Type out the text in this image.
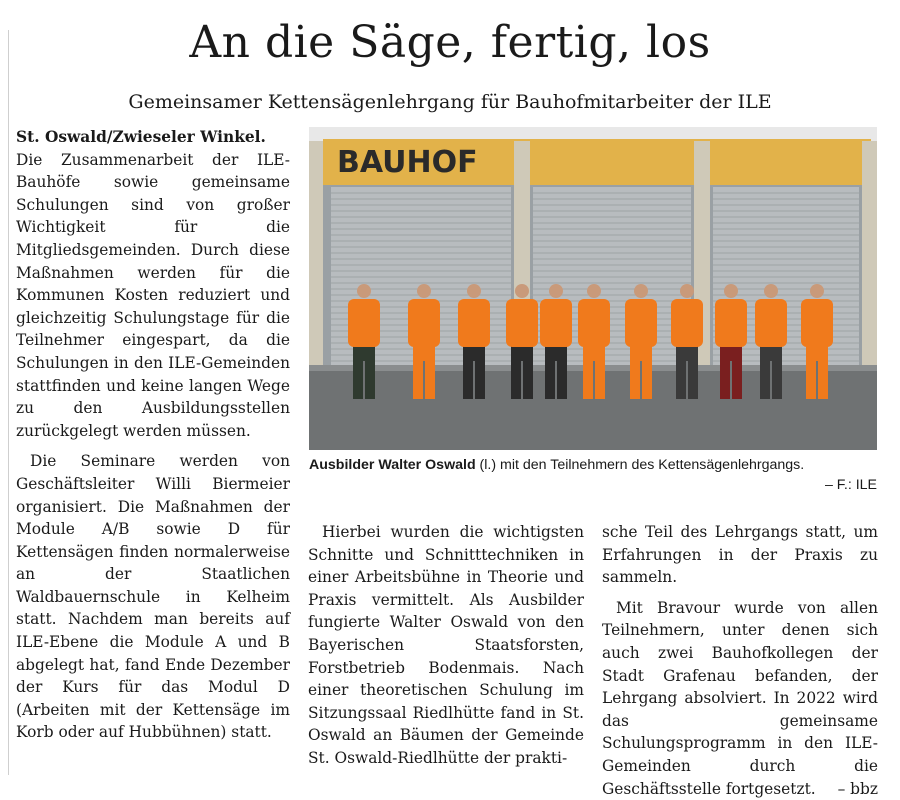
An die Säge, fertig, los
Gemeinsamer Kettensägenlehrgang für Bauhofmitarbeiter der ILE

St. Oswald/Zwieseler Winkel.
Die Zusammenarbeit der ILE-Bauhöfe sowie gemeinsame Schulungen sind von großer Wichtigkeit für die Mitgliedsgemeinden. Durch diese Maßnahmen werden für die Kommunen Kosten reduziert und gleichzeitig Schulungstage für die Teilnehmer eingespart, da die Schulungen in den ILE-Gemeinden stattfinden und keine langen Wege zu den Ausbildungsstellen zurückgelegt werden müssen.

Die Seminare werden von Geschäftsleiter Willi Biermeier organisiert. Die Maßnahmen der Module A/B sowie D für Kettensägen finden normalerweise an der Staatlichen Waldbauernschule in Kelheim statt. Nachdem man bereits auf ILE-Ebene die Module A und B abgelegt hat, fand Ende Dezember der Kurs für das Modul D (Arbeiten mit der Kettensäge im Korb oder auf Hubbühnen) statt.

BAUHOF

Ausbilder Walter Oswald (l.) mit den Teilnehmern des Kettensägenlehrgangs.
– F.: ILE

Hierbei wurden die wichtigsten Schnitte und Schnitttechniken in einer Arbeitsbühne in Theorie und Praxis vermittelt. Als Ausbilder fungierte Walter Oswald von den Bayerischen Staatsforsten, Forstbetrieb Bodenmais. Nach einer theoretischen Schulung im Sitzungssaal Riedlhütte fand in St. Oswald an Bäumen der Gemeinde St. Oswald-Riedlhütte der prakti-

sche Teil des Lehrgangs statt, um Erfahrungen in der Praxis zu sammeln.

Mit Bravour wurde von allen Teilnehmern, unter denen sich auch zwei Bauhofkollegen der Stadt Grafenau befanden, der Lehrgang absolviert. In 2022 wird das gemeinsame Schulungsprogramm in den ILE-Gemeinden durch die Geschäftsstelle fortgesetzt.	– bbz
